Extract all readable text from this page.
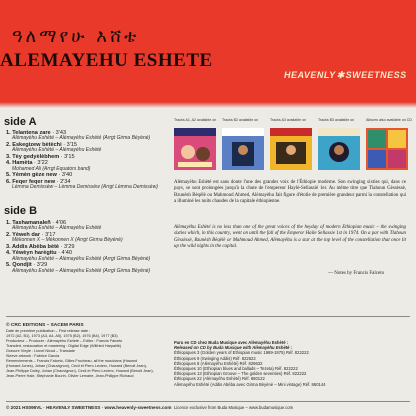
ዓለማየሁ እሸቴ
ALEMAYEHU ESHETE
HEAVENLY✱SWEETNESS
side A
1. Telantena zare · 3'43
Alèmayèhu Eshèté – Alèmayèhu Eshèté (Arrgt Girma Bèyènè)
2. Eskegizew bètèchi · 3'15
Alèmayèhu Eshèté – Alèmayèhu Eshèté
3. Tèy gedyèlèbhem · 3'15
4. Hamèta · 3'22
Mohamed Ali (Arrgt Equators band)
5. Yèmèn gèze new · 3'40
6. Feqer feqer new · 2'34
Lèmma Demissèw – Lèmma Demissèw (Arrgt Lèmma Demissèw)
side B
1. Tashamanaleñ · 4'06
Alèmayèhu Eshèté – Alèmayèhu Eshèté
2. Yèweh dar · 3'17
Mèkonnen X – Mèkonnen X (Arrgt Girma Bèyènè)
3. Addis Abèba bètè · 3'29
4. Yèwèyn harègitu · 4'40
Alèmayèhu Eshèté – Alèmayèhu Eshèté (Arrgt Girma Bèyènè)
5. Qondjit · 3'29
Alèmayèhu Eshèté – Alèmayèhu Eshèté (Arrgt Girma Bèyènè)
Tracks A1, A2 available on Tracks B2 available on	Tracks A3 available on	Tracks B3 available on	Albums also available on CD
Alèmayèhu Eshèté est sans doute l'une des grandes voix de l'Éthiopie moderne. Son swinging sixties qui, dans ce pays, se sont prolongées jusqu'à la chute de l'empereur Haylè-Sellassié 1er. Au même titre que Tlahoun Gèssèssè, Bzunèsh Bèqèlè ou Mahmoud Ahmed, Alèmayèhu fait figure d'étoile de première grandeur parmi la constellation qui a illuminé les nuits chaudes de la capitale éthiopienne.
Alèmayèhu Eshèté is no less than one of the great voices of the heyday of modern Ethiopian music – the swinging sixties which, in this country, went on until the fall of the Emperor Haile Sellassie 1st in 1974. On a par with Tlahoun Gèssèssè, Bzunèsh Bèqèlè or Mahmoud Ahmed, Alèmayèhu is a star at the top level of the constellation that once lit up the wild nights in the capital.
— Notes by Francis Falceto

© CRC EDITIONS – SACEM PARIS

Date de première publication – First release date :

1972 (A2, B1), 1973 (A3, A4, A5), 1975 (B2), 1976 (B4), 1977 (B3)

Producteur – Producer : Alèmayèhu Eshèté – Editor : Francis Falceto

Transfert, restauration et mastering : Digital Edge (Wilfried Harpaillé)

Gravure Vinyle : Lionel Nicod – Translate

Sleeve artwork : Fabrice Garcia

Remerciements – Francis Falceto, Gilles Frucheau, all the musicians (Howard

(Howard Jones), Johan (Chauvignon), Cecil et Piero Leclerc, Howard (Benoit Jean),

Jean-Philippe Doléy, Johan (Chauvignon), Cecil et Piero Leclerc, Howard (Benoit Jean),

Jean-Pierre Haie, Stéphanie Bourin, Olivier Lemaire, Jean-Philippe Richaud

Paru en CD chez Buda Musique avec Alèmayèhu Eshèté :

Released on CD by Buda Musique with Alèmayèhu Eshèté :

Éthiopiques 3 (Golden years of Ethiopian music 1969-1975) Réf. 822222

Éthiopiques 9 (Swinging Addis) Réf. 822622

Éthiopiques 8 (Alèmayèhu Eshèté) Réf. 829632

Éthiopiques 10 (Ethiopian blues and ballads – Tezeta) Réf. 822222

Éthiopiques 13 (Ethiopian Groove – The golden seventies) Réf. 822222

Éthiopiques 22 (Alèmayèhu Eshèté) Réf. 860122

Alèmayèhu Eshèté (Addis Abèba avec Girma Bèyènè – Mini vintage) Réf. 860144

© 2021 HS095VL · HEAVENLY SWEETNESS · www.heavenly-sweetness.com Licence exclusive from Buda Musique – www.budamusique.com
